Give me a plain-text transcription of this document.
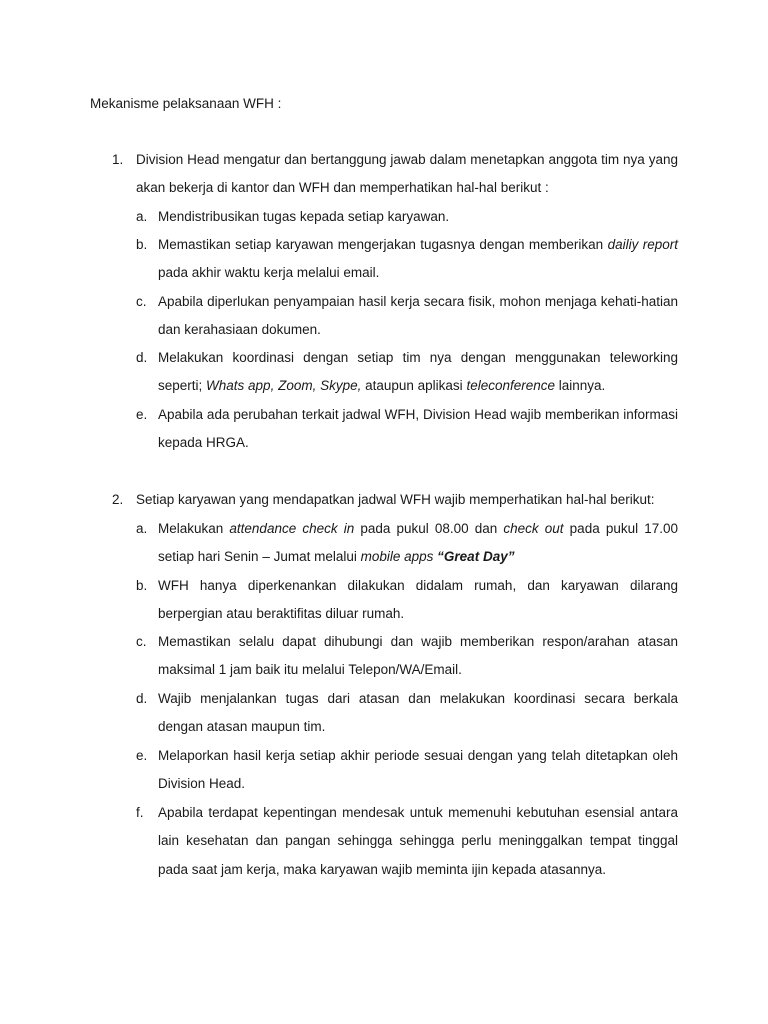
Mekanisme pelaksanaan WFH :
1. Division Head mengatur dan bertanggung jawab dalam menetapkan anggota tim nya yang
akan bekerja di kantor dan WFH dan memperhatikan hal-hal berikut :
a. Mendistribusikan tugas kepada setiap karyawan.
b. Memastikan setiap karyawan mengerjakan tugasnya dengan memberikan dailiy report pada akhir waktu kerja melalui email.
c. Apabila diperlukan penyampaian hasil kerja secara fisik, mohon menjaga kehati-hatian dan kerahasiaan dokumen.
d. Melakukan koordinasi dengan setiap tim nya dengan menggunakan teleworking seperti; Whats app, Zoom, Skype, ataupun aplikasi teleconference lainnya.
e. Apabila ada perubahan terkait jadwal WFH, Division Head wajib memberikan informasi kepada HRGA.
2. Setiap karyawan yang mendapatkan jadwal WFH wajib memperhatikan hal-hal berikut:
a. Melakukan attendance check in pada pukul 08.00 dan check out pada pukul 17.00 setiap hari Senin – Jumat melalui mobile apps “Great Day”
b. WFH hanya diperkenankan dilakukan didalam rumah, dan karyawan dilarang berpergian atau beraktifitas diluar rumah.
c. Memastikan selalu dapat dihubungi dan wajib memberikan respon/arahan atasan maksimal 1 jam baik itu melalui Telepon/WA/Email.
d. Wajib menjalankan tugas dari atasan dan melakukan koordinasi secara berkala dengan atasan maupun tim.
e. Melaporkan hasil kerja setiap akhir periode sesuai dengan yang telah ditetapkan oleh Division Head.
f.	Apabila terdapat kepentingan mendesak untuk memenuhi kebutuhan esensial antara lain kesehatan dan pangan sehingga sehingga perlu meninggalkan tempat tinggal pada saat jam kerja, maka karyawan wajib meminta ijin kepada atasannya.
